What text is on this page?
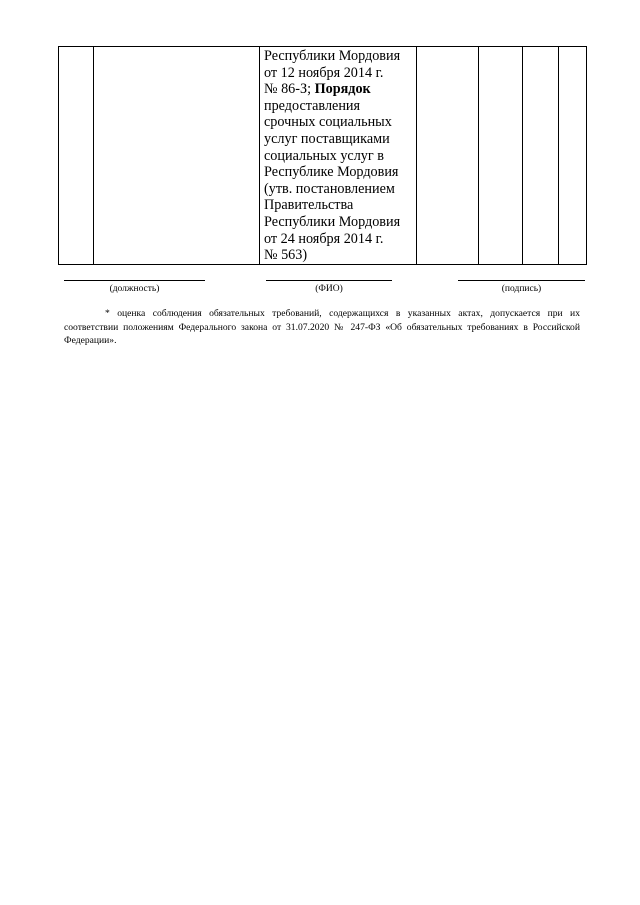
Республики Мордовия
от 12 ноября 2014 г.
№ 86-З; Порядок
предоставления
срочных социальных
услуг поставщиками
социальных услуг в
Республике Мордовия
(утв. постановлением
Правительства
Республики Мордовия
от 24 ноября 2014 г.
№ 563)

(должность)	(ФИО)	(подпись)

* оценка соблюдения обязательных требований, содержащихся в указанных актах, допускается при их соответствии положениям Федерального закона от 31.07.2020 № 247-ФЗ «Об обязательных требованиях в Российской Федерации».
